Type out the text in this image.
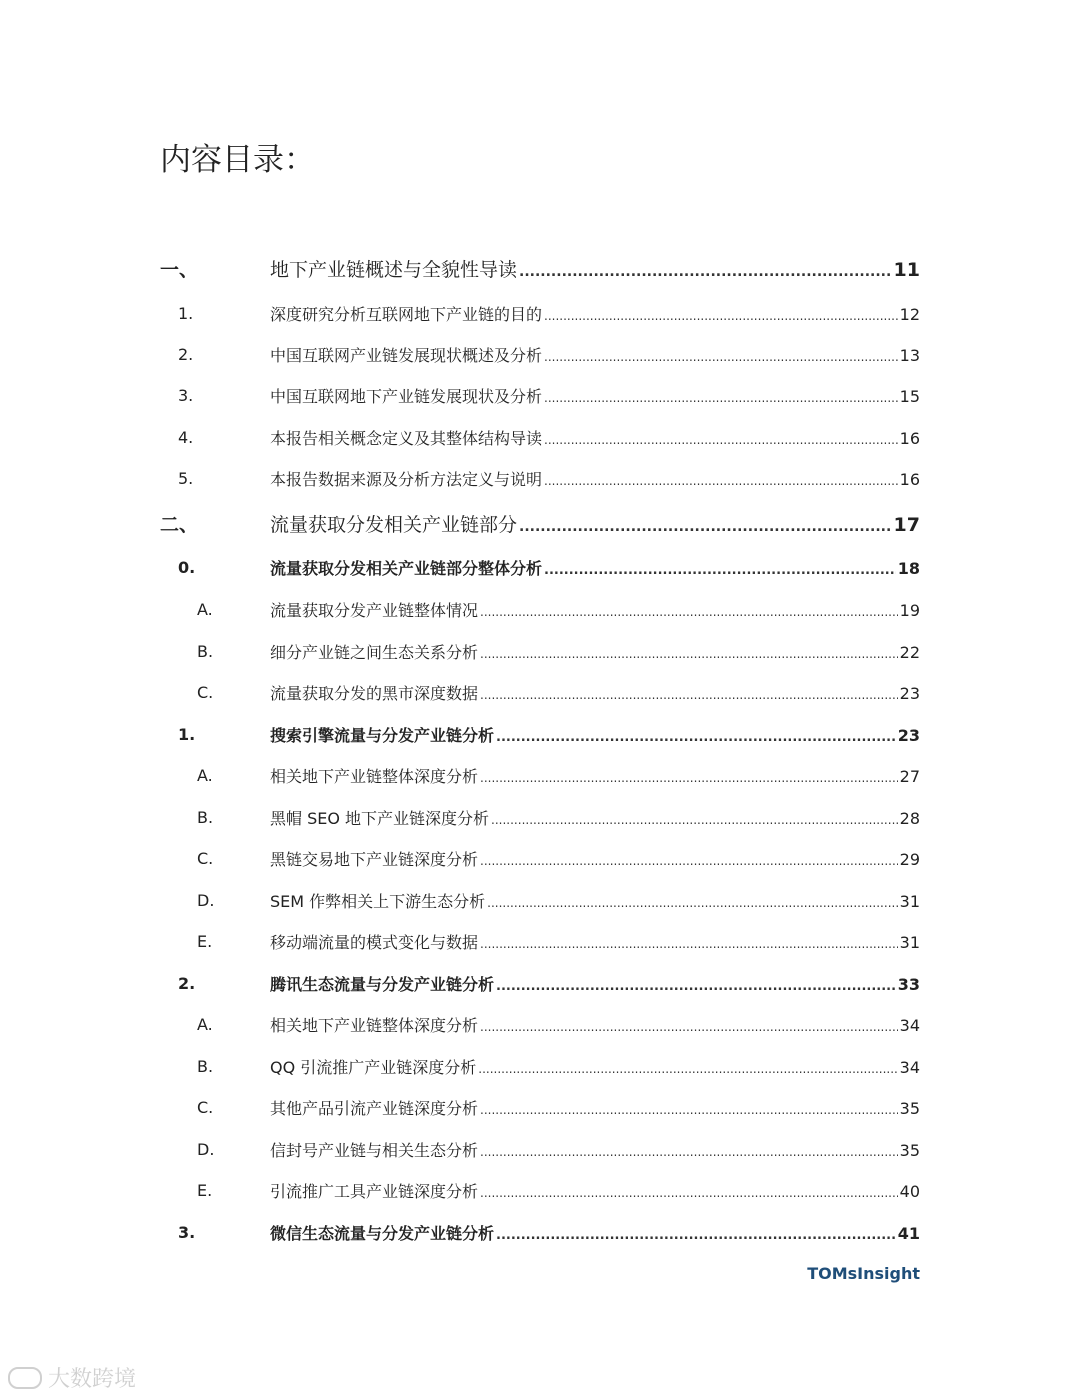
内容目录：
一、	地下产业链概述与全貌性导读 .....	11
1.	深度研究分析互联网地下产业链的目的 .....	12
2.	中国互联网产业链发展现状概述及分析 .....	13
3.	中国互联网地下产业链发展现状及分析 .....	15
4.	本报告相关概念定义及其整体结构导读 .....	16
5.	本报告数据来源及分析方法定义与说明 .....	16
二、	流量获取分发相关产业链部分 .....	17
0.	流量获取分发相关产业链部分整体分析 .....	18
A.	流量获取分发产业链整体情况 .....	19
B.	细分产业链之间生态关系分析 .....	22
C.	流量获取分发的黑市深度数据 .....	23
1.	搜索引擎流量与分发产业链分析 .....	23
A.	相关地下产业链整体深度分析 .....	27
B.	黑帽 SEO 地下产业链深度分析 .....	28
C.	黑链交易地下产业链深度分析 .....	29
D.	SEM 作弊相关上下游生态分析 .....	31
E.	移动端流量的模式变化与数据 .....	31
2.	腾讯生态流量与分发产业链分析 .....	33
A.	相关地下产业链整体深度分析 .....	34
B.	QQ 引流推广产业链深度分析 .....	34
C.	其他产品引流产业链深度分析 .....	35
D.	信封号产业链与相关生态分析 .....	35
E.	引流推广工具产业链深度分析 .....	40
3.	微信生态流量与分发产业链分析 .....	41
TOMsInsight
大数跨境
